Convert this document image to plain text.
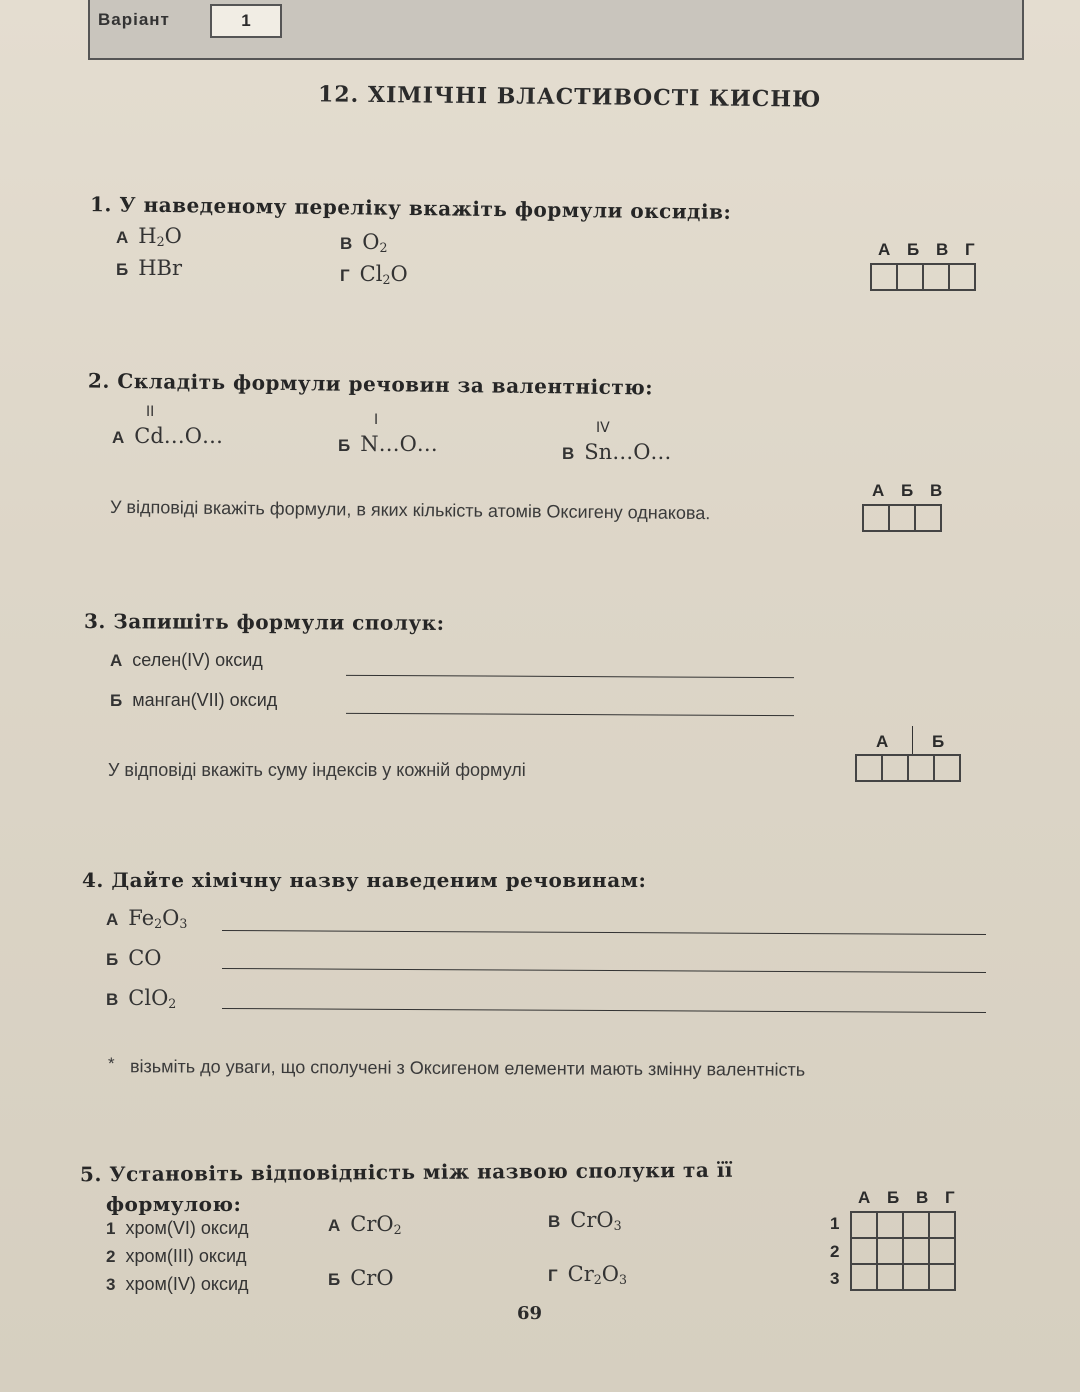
Варіант	1
12. ХІМІЧНІ ВЛАСТИВОСТІ КИСНЮ
1. У наведеному переліку вкажіть формули оксидів:
А $H_2O$
Б HBr
В $O_2$
Г $Cl_2O$
А Б В Г

2. Складіть формули речовин за валентністю:
II
А Cd…O…
I
Б N…O…
IV
В Sn…O…
У відповіді вкажіть формули, в яких кількість атомів Оксигену однакова.
А Б В

3. Запишіть формули сполук:
А селен(IV) оксид
Б манган(VII) оксид
У відповіді вкажіть суму індексів у кожній формулі
А Б

4. Дайте хімічну назву наведеним речовинам:
А $Fe_2O_3$
Б CO
В ClO$_2$
* візьміть до уваги, що сполучені з Оксигеном елементи мають змінну валентність
5. Установіть відповідність між назвою сполуки та її
формулою:
1 хром(VI) оксид
2 хром(III) оксид
3 хром(IV) оксид
А CrO$_2$
Б CrO
В CrO$_3$
Г $Cr_2O_3$
А Б В Г
1
2
3

69
